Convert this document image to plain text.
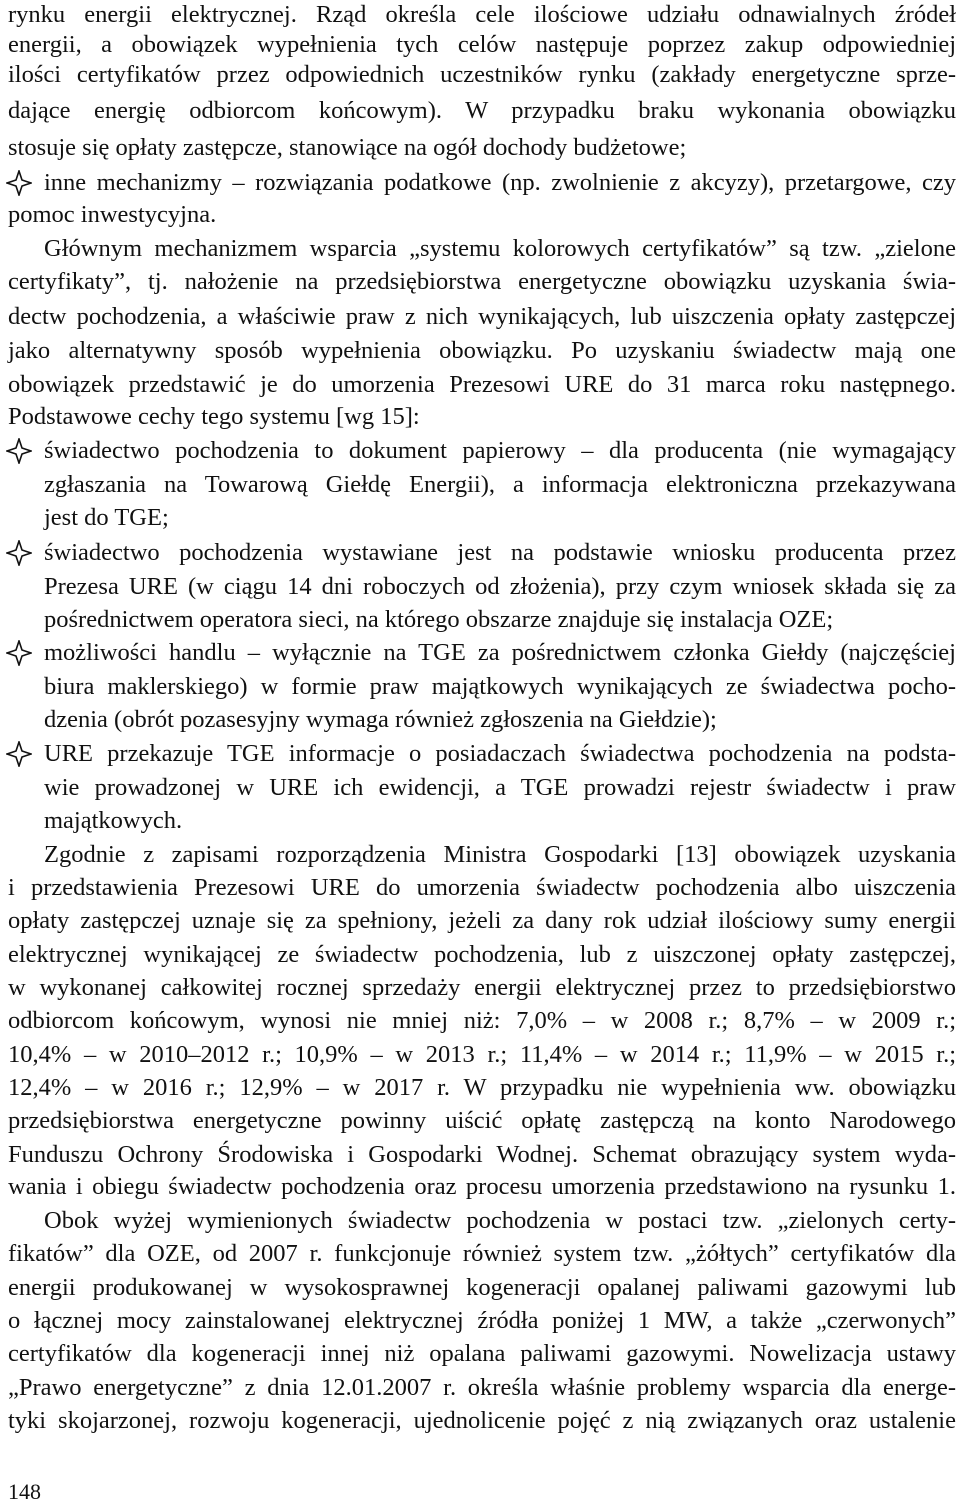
rynku energii elektrycznej. Rząd określa cele ilościowe udziału odnawialnych źródeł
energii, a obowiązek wypełnienia tych celów następuje poprzez zakup odpowiedniej
ilości certyfikatów przez odpowiednich uczestników rynku (zakłady energetyczne sprze-
dające energię odbiorcom końcowym). W przypadku braku wykonania obowiązku
stosuje się opłaty zastępcze, stanowiące na ogół dochody budżetowe;
inne mechanizmy – rozwiązania podatkowe (np. zwolnienie z akcyzy), przetargowe, czy
pomoc inwestycyjna.
Głównym mechanizmem wsparcia „systemu kolorowych certyfikatów” są tzw. „zielone
certyfikaty”, tj. nałożenie na przedsiębiorstwa energetyczne obowiązku uzyskania świa-
dectw pochodzenia, a właściwie praw z nich wynikających, lub uiszczenia opłaty zastępczej
jako alternatywny sposób wypełnienia obowiązku. Po uzyskaniu świadectw mają one
obowiązek przedstawić je do umorzenia Prezesowi URE do 31 marca roku następnego.
Podstawowe cechy tego systemu [wg 15]:
świadectwo pochodzenia to dokument papierowy – dla producenta (nie wymagający
zgłaszania na Towarową Giełdę Energii), a informacja elektroniczna przekazywana
jest do TGE;
świadectwo pochodzenia wystawiane jest na podstawie wniosku producenta przez
Prezesa URE (w ciągu 14 dni roboczych od złożenia), przy czym wniosek składa się za
pośrednictwem operatora sieci, na którego obszarze znajduje się instalacja OZE;
możliwości handlu – wyłącznie na TGE za pośrednictwem członka Giełdy (najczęściej
biura maklerskiego) w formie praw majątkowych wynikających ze świadectwa pocho-
dzenia (obrót pozasesyjny wymaga również zgłoszenia na Giełdzie);
URE przekazuje TGE informacje o posiadaczach świadectwa pochodzenia na podsta-
wie prowadzonej w URE ich ewidencji, a TGE prowadzi rejestr świadectw i praw
majątkowych.
Zgodnie z zapisami rozporządzenia Ministra Gospodarki [13] obowiązek uzyskania
i przedstawienia Prezesowi URE do umorzenia świadectw pochodzenia albo uiszczenia
opłaty zastępczej uznaje się za spełniony, jeżeli za dany rok udział ilościowy sumy energii
elektrycznej wynikającej ze świadectw pochodzenia, lub z uiszczonej opłaty zastępczej,
w wykonanej całkowitej rocznej sprzedaży energii elektrycznej przez to przedsiębiorstwo
odbiorcom końcowym, wynosi nie mniej niż: 7,0% – w 2008 r.; 8,7% – w 2009 r.;
10,4% – w 2010–2012 r.; 10,9% – w 2013 r.; 11,4% – w 2014 r.; 11,9% – w 2015 r.;
12,4% – w 2016 r.; 12,9% – w 2017 r. W przypadku nie wypełnienia ww. obowiązku
przedsiębiorstwa energetyczne powinny uiścić opłatę zastępczą na konto Narodowego
Funduszu Ochrony Środowiska i Gospodarki Wodnej. Schemat obrazujący system wyda-
wania i obiegu świadectw pochodzenia oraz procesu umorzenia przedstawiono na rysunku 1.
Obok wyżej wymienionych świadectw pochodzenia w postaci tzw. „zielonych certy-
fikatów” dla OZE, od 2007 r. funkcjonuje również system tzw. „żółtych” certyfikatów dla
energii produkowanej w wysokosprawnej kogeneracji opalanej paliwami gazowymi lub
o łącznej mocy zainstalowanej elektrycznej źródła poniżej 1 MW, a także „czerwonych”
certyfikatów dla kogeneracji innej niż opalana paliwami gazowymi. Nowelizacja ustawy
„Prawo energetyczne” z dnia 12.01.2007 r. określa właśnie problemy wsparcia dla energe-
tyki skojarzonej, rozwoju kogeneracji, ujednolicenie pojęć z nią związanych oraz ustalenie
148
